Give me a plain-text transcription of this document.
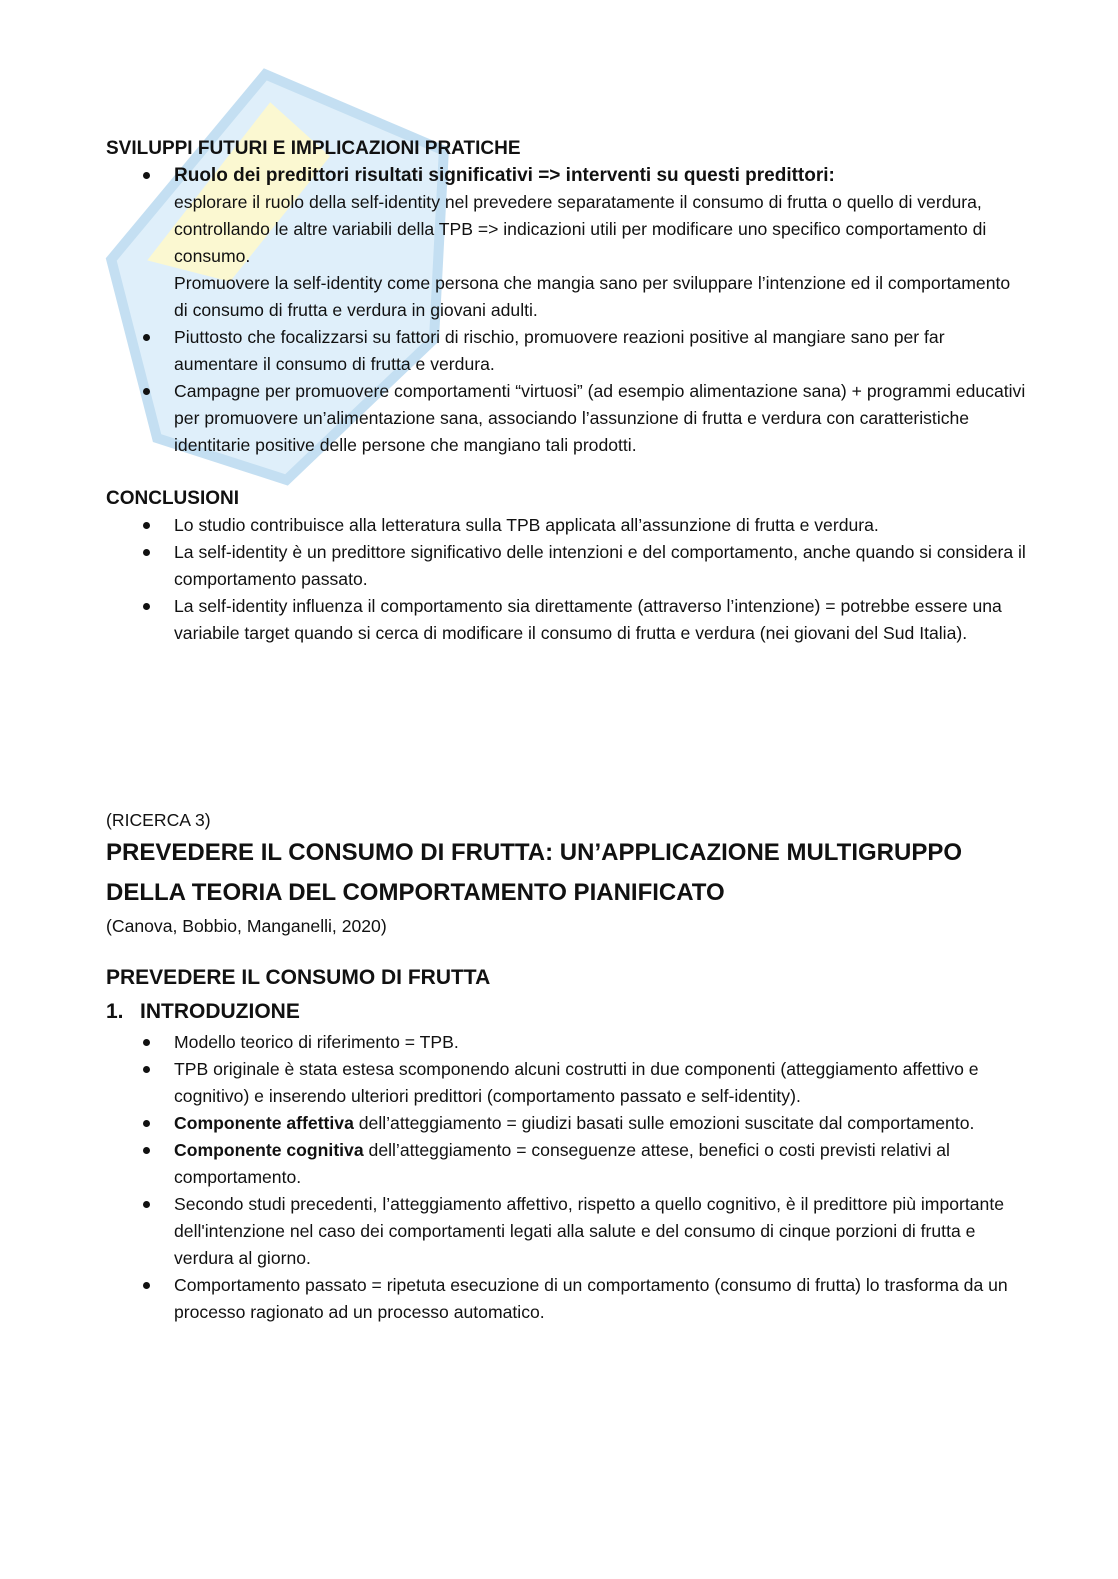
SVILUPPI FUTURI E IMPLICAZIONI PRATICHE

Ruolo dei predittori risultati significativi => interventi su questi predittori:
esplorare il ruolo della self-identity nel prevedere separatamente il consumo di frutta o quello di verdura, controllando le altre variabili della TPB => indicazioni utili per modificare uno specifico comportamento di consumo.
Promuovere la self-identity come persona che mangia sano per sviluppare l’intenzione ed il comportamento di consumo di frutta e verdura in giovani adulti.
Piuttosto che focalizzarsi su fattori di rischio, promuovere reazioni positive al mangiare sano per far aumentare il consumo di frutta e verdura.
Campagne per promuovere comportamenti “virtuosi” (ad esempio alimentazione sana) + programmi educativi per promuovere un’alimentazione sana, associando l’assunzione di frutta e verdura con caratteristiche identitarie positive delle persone che mangiano tali prodotti.

CONCLUSIONI

Lo studio contribuisce alla letteratura sulla TPB applicata all’assunzione di frutta e verdura.
La self-identity è un predittore significativo delle intenzioni e del comportamento, anche quando si considera il comportamento passato.
La self-identity influenza il comportamento sia direttamente (attraverso l’intenzione) = potrebbe essere una variabile target quando si cerca di modificare il consumo di frutta e verdura (nei giovani del Sud Italia).

(RICERCA 3)

PREVEDERE IL CONSUMO DI FRUTTA: UN’APPLICAZIONE MULTIGRUPPO

DELLA TEORIA DEL COMPORTAMENTO PIANIFICATO

(Canova, Bobbio, Manganelli, 2020)

PREVEDERE IL CONSUMO DI FRUTTA

1. INTRODUZIONE

Modello teorico di riferimento = TPB.
TPB originale è stata estesa scomponendo alcuni costrutti in due componenti (atteggiamento affettivo e cognitivo) e inserendo ulteriori predittori (comportamento passato e self-identity).
Componente affettiva dell’atteggiamento = giudizi basati sulle emozioni suscitate dal comportamento.
Componente cognitiva dell’atteggiamento = conseguenze attese, benefici o costi previsti relativi al comportamento.
Secondo studi precedenti, l’atteggiamento affettivo, rispetto a quello cognitivo, è il predittore più importante dell'intenzione nel caso dei comportamenti legati alla salute e del consumo di cinque porzioni di frutta e verdura al giorno.
Comportamento passato = ripetuta esecuzione di un comportamento (consumo di frutta) lo trasforma da un processo ragionato ad un processo automatico.
